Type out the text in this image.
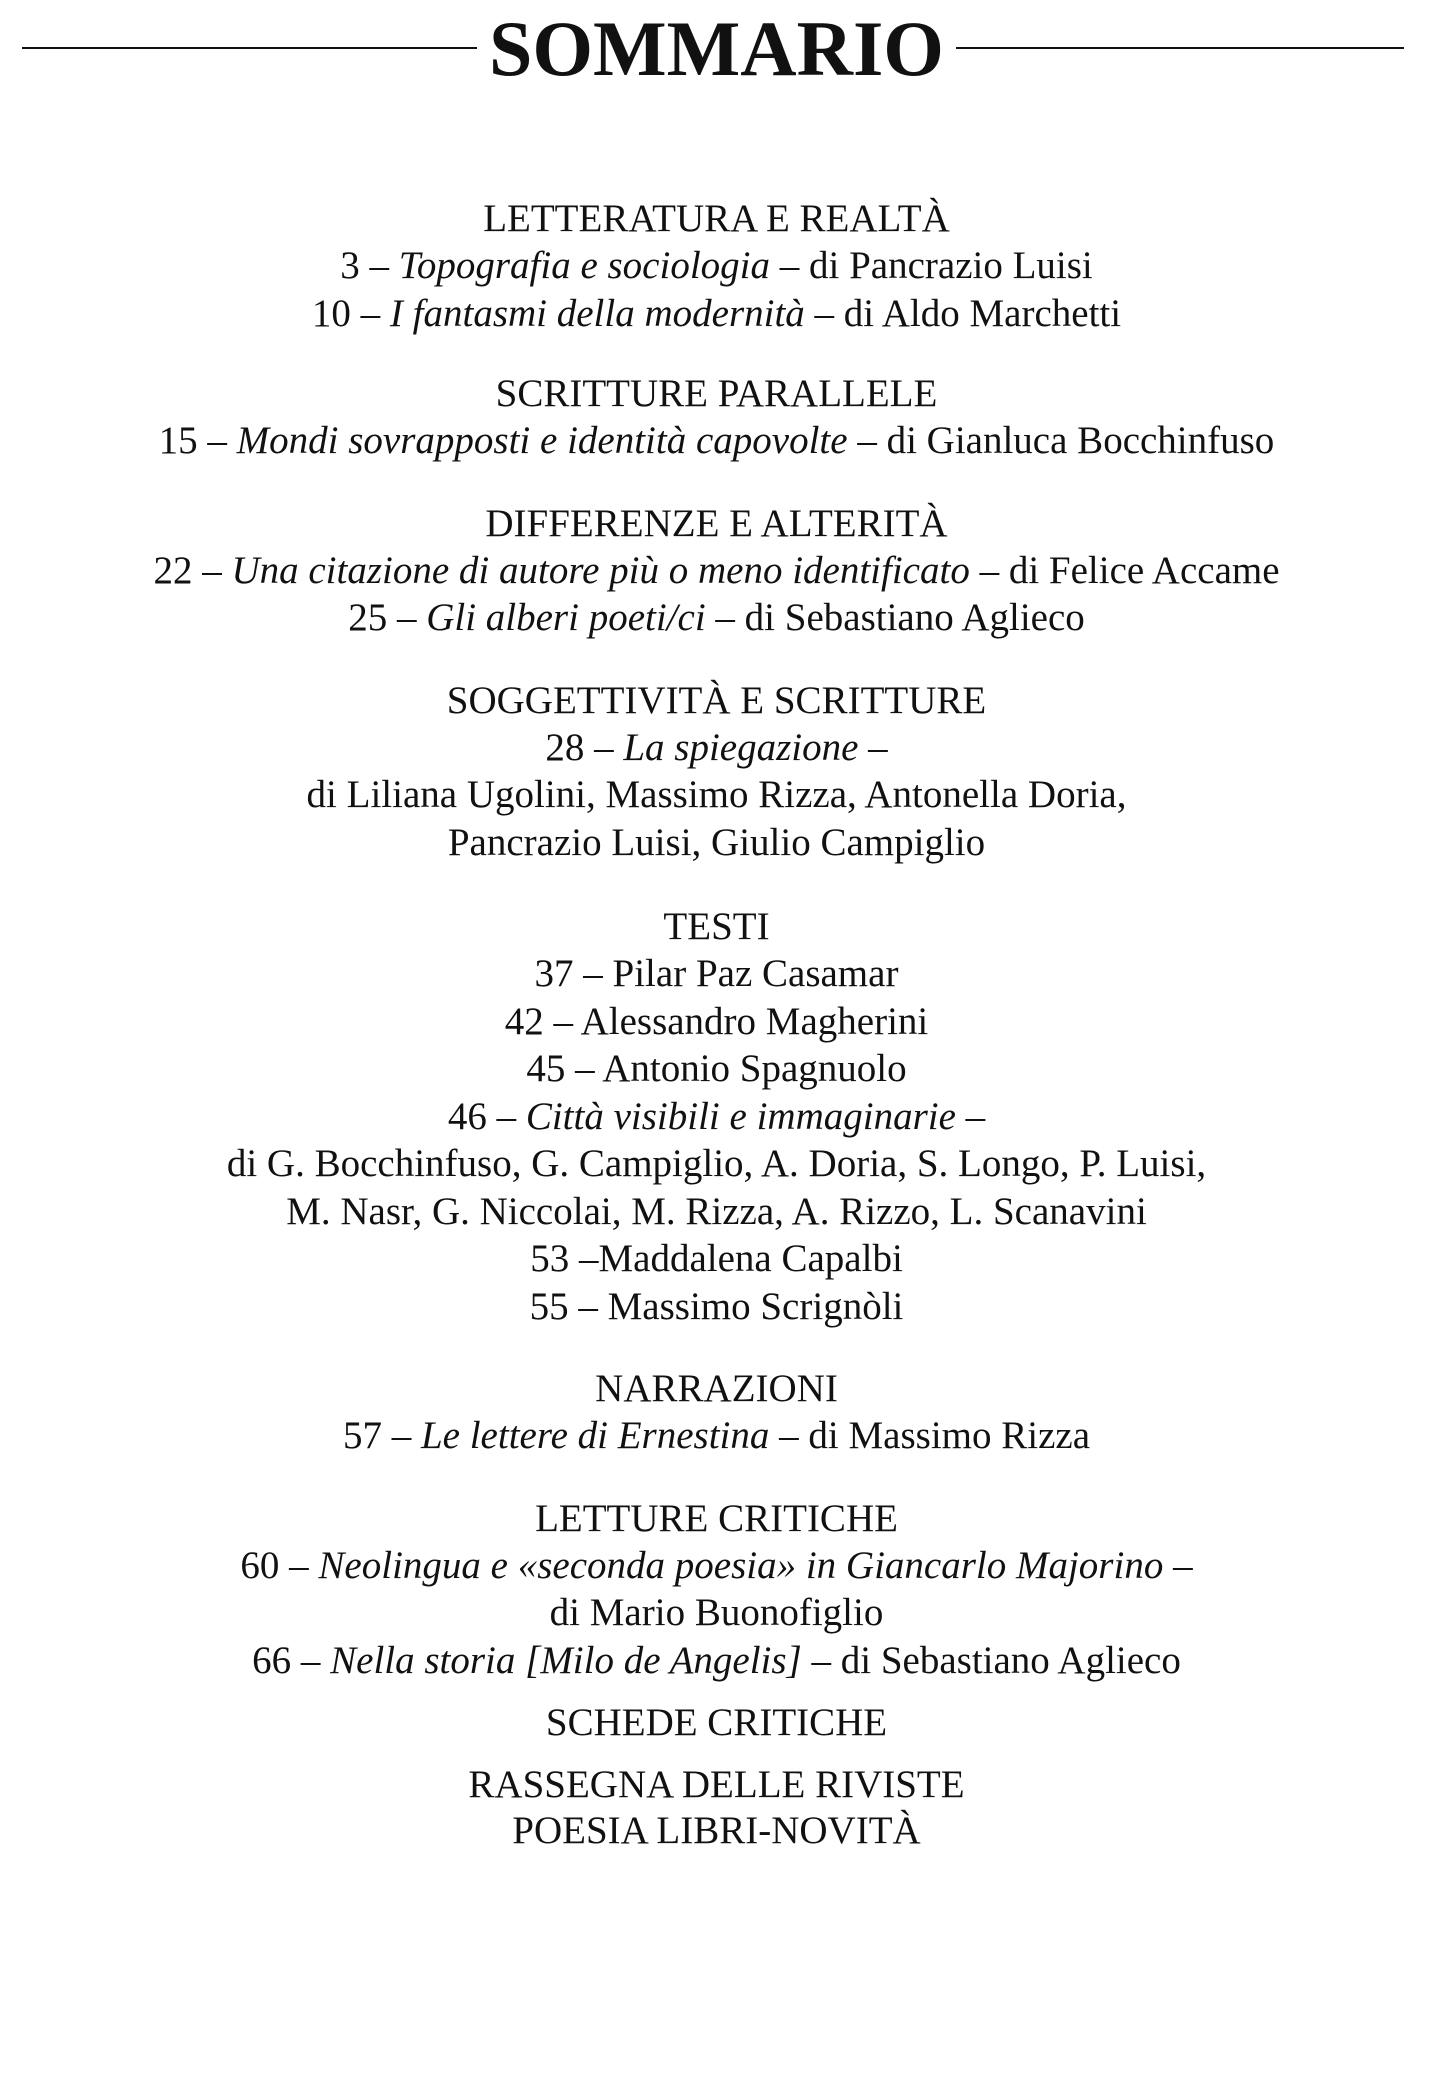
SOMMARIO
LETTERATURA E REALTÀ
3 – Topografia e sociologia – di Pancrazio Luisi
10 – I fantasmi della modernità – di Aldo Marchetti
SCRITTURE PARALLELE
15 – Mondi sovrapposti e identità capovolte – di Gianluca Bocchinfuso
DIFFERENZE E ALTERITÀ
22 – Una citazione di autore più o meno identificato – di Felice Accame
25 – Gli alberi poeti/ci – di Sebastiano Aglieco
SOGGETTIVITÀ E SCRITTURE
28 – La spiegazione –
di Liliana Ugolini, Massimo Rizza, Antonella Doria,
Pancrazio Luisi, Giulio Campiglio
TESTI
37 – Pilar Paz Casamar
42 – Alessandro Magherini
45 – Antonio Spagnuolo
46 – Città visibili e immaginarie –
di G. Bocchinfuso, G. Campiglio, A. Doria, S. Longo, P. Luisi,
M. Nasr, G. Niccolai, M. Rizza, A. Rizzo, L. Scanavini
53 –Maddalena Capalbi
55 – Massimo Scrignòli
NARRAZIONI
57 – Le lettere di Ernestina – di Massimo Rizza
LETTURE CRITICHE
60 – Neolingua e «seconda poesia» in Giancarlo Majorino –
di Mario Buonofiglio
66 – Nella storia [Milo de Angelis] – di Sebastiano Aglieco
SCHEDE CRITICHE
RASSEGNA DELLE RIVISTE
POESIA LIBRI-NOVITÀ
